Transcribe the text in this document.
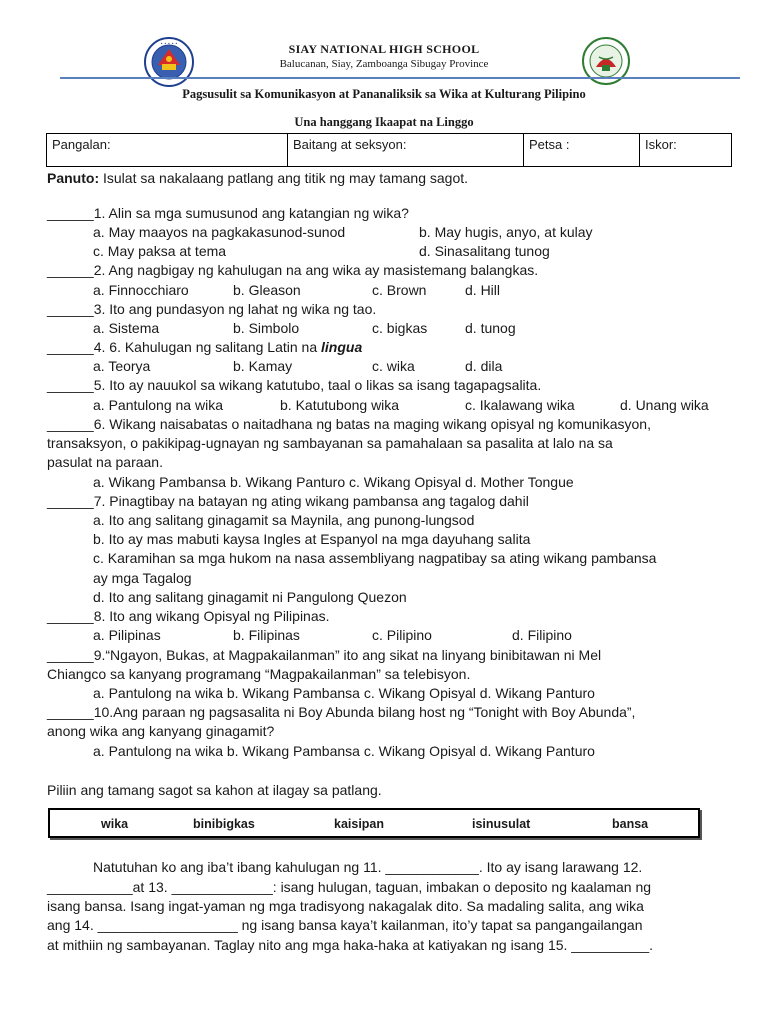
• • • • •	SIAY NATIONAL HIGH SCHOOL
Balucanan, Siay, Zamboanga Sibugay Province
Pagsusulit sa Komunikasyon at Pananaliksik sa Wika at Kulturang Pilipino
Una hanggang Ikaapat na Linggo
Pangalan:	Baitang at seksyon:	Petsa :	Iskor:
Panuto: Isulat sa nakalaang patlang ang titik ng may tamang sagot.
______1. Alin sa mga sumusunod ang katangian ng wika?
a. May maayos na pagkakasunod-sunod	b. May hugis, anyo, at kulay
c. May paksa at tema	d. Sinasalitang tunog
______2. Ang nagbigay ng kahulugan na ang wika ay masistemang balangkas.
a. Finnocchiaro	b. Gleason	c. Brown	d. Hill
______3. Ito ang pundasyon ng lahat ng wika ng tao.
a. Sistema	b. Simbolo	c. bigkas	d. tunog
______4. 6. Kahulugan ng salitang Latin na lingua
a. Teorya	b. Kamay	c. wika	d. dila
______5. Ito ay nauukol sa wikang katutubo, taal o likas sa isang tagapagsalita.
a. Pantulong na wika	b. Katutubong wika	c. Ikalawang wika	d. Unang wika
______6. Wikang naisabatas o naitadhana ng batas na maging wikang opisyal ng komunikasyon,
transaksyon, o pakikipag-ugnayan ng sambayanan sa pamahalaan sa pasalita at lalo na sa
pasulat na paraan.
a. Wikang Pambansa b. Wikang Panturo c. Wikang Opisyal d. Mother Tongue
______7. Pinagtibay na batayan ng ating wikang pambansa ang tagalog dahil
a. Ito ang salitang ginagamit sa Maynila, ang punong-lungsod
b. Ito ay mas mabuti kaysa Ingles at Espanyol na mga dayuhang salita
c. Karamihan sa mga hukom na nasa assembliyang nagpatibay sa ating wikang pambansa
ay mga Tagalog
d. Ito ang salitang ginagamit ni Pangulong Quezon
______8. Ito ang wikang Opisyal ng Pilipinas.
a. Pilipinas	b. Filipinas	c. Pilipino	d. Filipino
______9.“Ngayon, Bukas, at Magpakailanman” ito ang sikat na linyang binibitawan ni Mel
Chiangco sa kanyang programang “Magpakailanman” sa telebisyon.
a. Pantulong na wika b. Wikang Pambansa c. Wikang Opisyal d. Wikang Panturo
______10.Ang paraan ng pagsasalita ni Boy Abunda bilang host ng “Tonight with Boy Abunda”,
anong wika ang kanyang ginagamit?
a. Pantulong na wika b. Wikang Pambansa c. Wikang Opisyal d. Wikang Panturo
Piliin ang tamang sagot sa kahon at ilagay sa patlang.
wika	binibigkas	kaisipan	isinusulat	bansa
Natutuhan ko ang iba’t ibang kahulugan ng 11. ____________. Ito ay isang larawang 12.
___________at 13. _____________: isang hulugan, taguan, imbakan o deposito ng kaalaman ng
isang bansa. Isang ingat-yaman ng mga tradisyong nakagalak dito. Sa madaling salita, ang wika
ang 14. __________________ ng isang bansa kaya’t kailanman, ito’y tapat sa pangangailangan
at mithiin ng sambayanan. Taglay nito ang mga haka-haka at katiyakan ng isang 15. __________.
